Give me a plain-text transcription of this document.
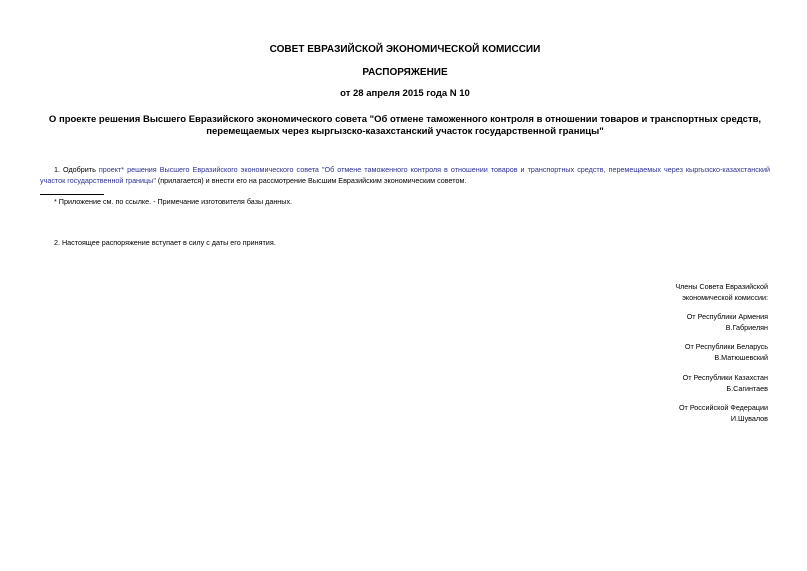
СОВЕТ ЕВРАЗИЙСКОЙ ЭКОНОМИЧЕСКОЙ КОМИССИИ
РАСПОРЯЖЕНИЕ
от 28 апреля 2015 года N 10
О проекте решения Высшего Евразийского экономического совета "Об отмене таможенного контроля в отношении товаров и транспортных средств,
перемещаемых через кыргызско-казахстанский участок государственной границы"
1. Одобрить проект* решения Высшего Евразийского экономического совета "Об отмене таможенного контроля в отношении товаров и транспортных средств, перемещаемых через кыргызско-казахстанский участок государственной границы" (прилагается) и внести его на рассмотрение Высшим Евразийским экономическим советом.
* Приложение см. по ссылке. - Примечание изготовителя базы данных.
2. Настоящее распоряжение вступает в силу с даты его принятия.
Члены Совета Евразийской
экономической комиссии:
От Республики Армения
В.Габриелян
От Республики Беларусь
В.Матюшевский
От Республики Казахстан
Б.Сагинтаев
От Российской Федерации
И.Шувалов
